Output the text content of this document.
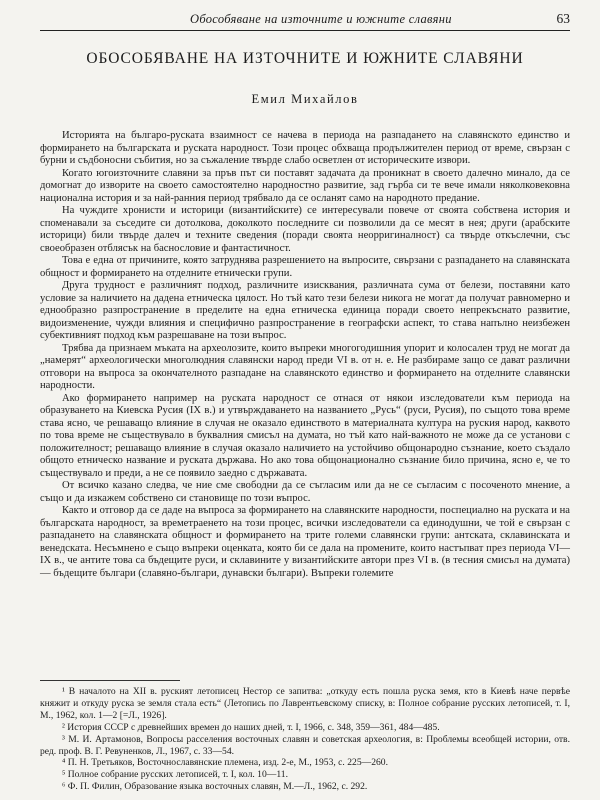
Обособяване на източните и южните славяни	63
ОБОСОБЯВАНЕ НА ИЗТОЧНИТЕ И ЮЖНИТЕ СЛАВЯНИ
Емил Михайлов

Историята на българо-руската взаимност се начева в периода на разпадането на славянското единство и формирането на българската и руската народност. Този процес обхваща продължителен период от време, свързан с бурни и съдбоносни събития, но за съжаление твърде слабо осветлен от историческите извори.

Когато югоизточните славяни за пръв път си поставят задачата да проникнат в своето далечно минало, да се домогнат до изворите на своето самостоятелно народностно развитие, зад гърба си те вече имали няколковековна национална история и за най-ранния период трябвало да се осланят само на народното предание.

На чуждите хронисти и историци (византийските) се интересували повече от своята собствена история и споменавали за съседите си дотолкова, доколкото последните си позволили да се месят в нея; други (арабските историци) били твърде далеч и техните сведения (поради своята неорригиналност) са твърде откъслечни, със своеобразен отблясък на баснословие и фантастичност.

Това е една от причините, която затруднява разрешението на въпросите, свързани с разпадането на славянската общност и формирането на отделните етнически групи.

Друга трудност е различният подход, различните изисквания, различната сума от белези, поставяни като условие за наличието на дадена етническа цялост. Но тъй като тези белези никога не могат да получат равномерно и еднообразно разпространение в пределите на една етническа единица поради своето непрекъснато развитие, видоизменение, чужди влияния и специфично разпространение в географски аспект, то става напълно неизбежен субективният подход към разрешаване на този въпрос.

Трябва да признаем мъката на археолозите, които въпреки многогодишния упорит и колосален труд не могат да „намерят“ археологически многолюдния славянски народ преди VI в. от н. е. Не разбираме защо се дават различни отговори на въпроса за окончателното разпадане на славянското единство и формирането на отделните славянски народности.

Ако формирането например на руската народност се отнася от някои изследователи към периода на образуването на Киевска Русия (IX в.) и утвърждаването на названието „Русь“ (руси, Русия), по същото това време става ясно, че решаващо влияние в случая не оказало единството в материалната култура на руския народ, каквото по това време не съществувало в буквалния смисъл на думата, но тъй като най-важното не може да се установи с положителност; решаващо влияние в случая оказало наличието на устойчиво общонародно съзнание, което създало общото етническо название и руската държава. Но ако това общонационално съзнание било причина, ясно е, че то съществувало и преди, а не се появило заедно с държавата.

От всичко казано следва, че ние сме свободни да се съгласим или да не се съгласим с посоченото мнение, а също и да изкажем собствено си становище по този въпрос.

Както и отговор да се даде на въпроса за формирането на славянските народности, поспециално на руската и на българската народност, за времетраенето на този процес, всички изследователи са единодушни, че той е свързан с разпадането на славянската общност и формирането на трите големи славянски групи: антската, склавинската и венедската. Несъмнено е също въпреки оценката, която би се дала на промените, които настъпват през периода VI—IX в., че антите това са бъдещите руси, и склавините у византийските автори през VI в. (в тесния смисъл на думата) — бъдещите българи (славяно-българи, дунавски българи). Въпреки големите

¹ В началото на XII в. руският летописец Нестор се запитва: „откуду есть пошла руска земя, кто в Киевѣ наче первѣе княжит и откуду руска зе земля стала есть“ (Летопись по Лаврентьевскому списку, в: Полное собрание русских летописей, т. I, М., 1962, кол. 1—2 [=Л., 1926].

² История СССР с древнейших времен до наших дней, т. I, 1966, с. 348, 359—361, 484—485.

³ М. И. Артамонов, Вопросы расселения восточных славян и советская археология, в: Проблемы всеобщей истории, отв. ред. проф. В. Г. Ревуненков, Л., 1967, с. 33—54.

⁴ П. Н. Третьяков, Восточнославянские племена, изд. 2-е, М., 1953, с. 225—260.

⁵ Полное собрание русских летописей, т. I, кол. 10—11.

⁶ Ф. П. Филин, Образование языка восточных славян, М.—Л., 1962, с. 292.
